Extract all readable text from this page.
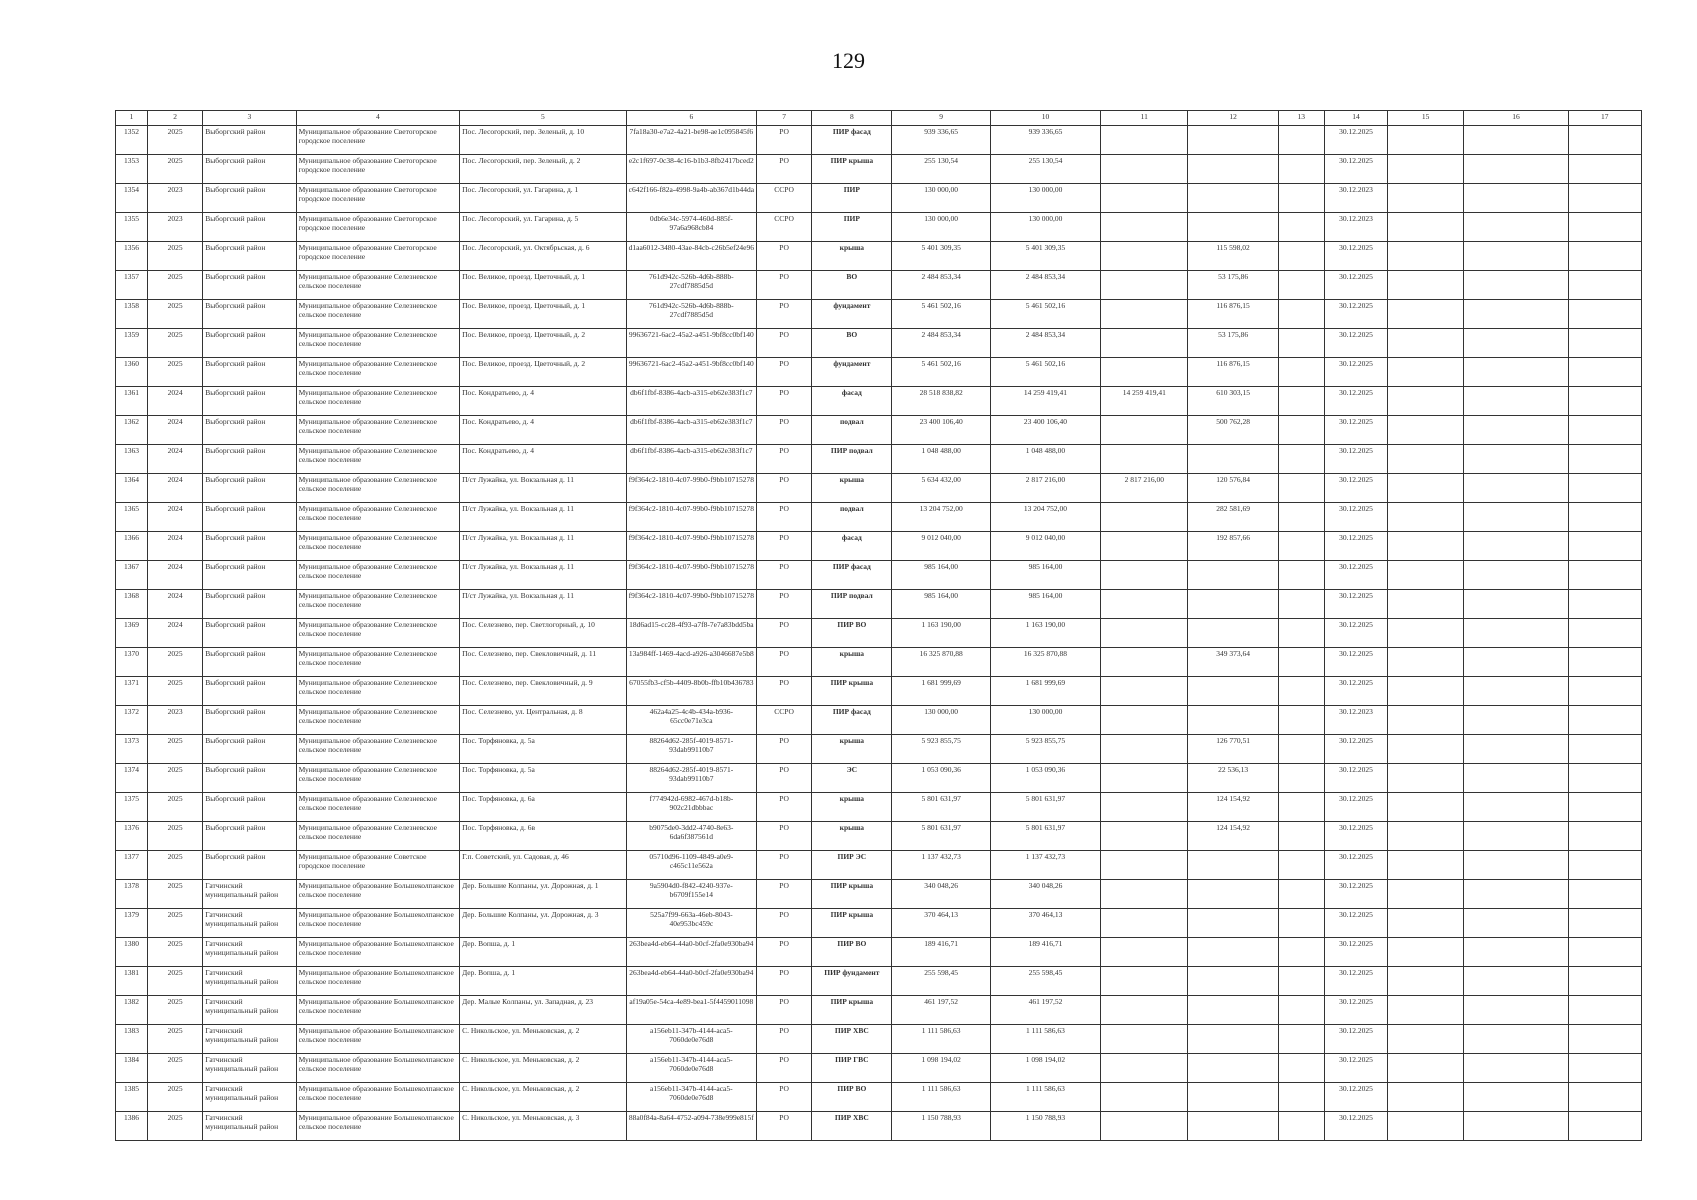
129
1	2	3	4	5	6	7	8	9	10	11	12	13	14	15	16	17
1352	2025	Выборгский район	Муниципальное образование Светогорское городское поселение	Пос. Лесогорский, пер. Зеленый, д. 10	7fa18a30-e7a2-4a21-be98-ae1c095845f6	РО	ПИР фасад	939 336,65	939 336,65				30.12.2025			
1353	2025	Выборгский район	Муниципальное образование Светогорское городское поселение	Пос. Лесогорский, пер. Зеленый, д. 2	e2c1f697-0c38-4c16-b1b3-8fb2417bced2	РО	ПИР крыша	255 130,54	255 130,54				30.12.2025			
1354	2023	Выборгский район	Муниципальное образование Светогорское городское поселение	Пос. Лесогорский, ул. Гагарина, д. 1	c642f166-f82a-4998-9a4b-ab367d1b44da	ССРО	ПИР	130 000,00	130 000,00				30.12.2023			
1355	2023	Выборгский район	Муниципальное образование Светогорское городское поселение	Пос. Лесогорский, ул. Гагарина, д. 5	0db6e34c-5974-460d-885f-97a6a968cb84	ССРО	ПИР	130 000,00	130 000,00				30.12.2023			
1356	2025	Выборгский район	Муниципальное образование Светогорское городское поселение	Пос. Лесогорский, ул. Октябрьская, д. 6	d1aa6012-3480-43ae-84cb-c26b5ef24e96	РО	крыша	5 401 309,35	5 401 309,35		115 598,02		30.12.2025			
1357	2025	Выборгский район	Муниципальное образование Селезневское сельское поселение	Пос. Великое, проезд. Цветочный, д. 1	761d942c-526b-4d6b-888b-27cdf7885d5d	РО	ВО	2 484 853,34	2 484 853,34		53 175,86		30.12.2025			
1358	2025	Выборгский район	Муниципальное образование Селезневское сельское поселение	Пос. Великое, проезд. Цветочный, д. 1	761d942c-526b-4d6b-888b-27cdf7885d5d	РО	фундамент	5 461 502,16	5 461 502,16		116 876,15		30.12.2025			
1359	2025	Выборгский район	Муниципальное образование Селезневское сельское поселение	Пос. Великое, проезд. Цветочный, д. 2	99636721-6ac2-45a2-a451-9bf8cc0bf140	РО	ВО	2 484 853,34	2 484 853,34		53 175,86		30.12.2025			
1360	2025	Выборгский район	Муниципальное образование Селезневское сельское поселение	Пос. Великое, проезд. Цветочный, д. 2	99636721-6ac2-45a2-a451-9bf8cc0bf140	РО	фундамент	5 461 502,16	5 461 502,16		116 876,15		30.12.2025			
1361	2024	Выборгский район	Муниципальное образование Селезневское сельское поселение	Пос. Кондратьево, д. 4	db6f1fbf-8386-4acb-a315-eb62e383f1c7	РО	фасад	28 518 838,82	14 259 419,41	14 259 419,41	610 303,15		30.12.2025			
1362	2024	Выборгский район	Муниципальное образование Селезневское сельское поселение	Пос. Кондратьево, д. 4	db6f1fbf-8386-4acb-a315-eb62e383f1c7	РО	подвал	23 400 106,40	23 400 106,40		500 762,28		30.12.2025			
1363	2024	Выборгский район	Муниципальное образование Селезневское сельское поселение	Пос. Кондратьево, д. 4	db6f1fbf-8386-4acb-a315-eb62e383f1c7	РО	ПИР подвал	1 048 488,00	1 048 488,00				30.12.2025			
1364	2024	Выборгский район	Муниципальное образование Селезневское сельское поселение	П/ст Лужайка, ул. Вокзальная д. 11	f9f364c2-1810-4c07-99b0-f9bb10715278	РО	крыша	5 634 432,00	2 817 216,00	2 817 216,00	120 576,84		30.12.2025			
1365	2024	Выборгский район	Муниципальное образование Селезневское сельское поселение	П/ст Лужайка, ул. Вокзальная д. 11	f9f364c2-1810-4c07-99b0-f9bb10715278	РО	подвал	13 204 752,00	13 204 752,00		282 581,69		30.12.2025			
1366	2024	Выборгский район	Муниципальное образование Селезневское сельское поселение	П/ст Лужайка, ул. Вокзальная д. 11	f9f364c2-1810-4c07-99b0-f9bb10715278	РО	фасад	9 012 040,00	9 012 040,00		192 857,66		30.12.2025			
1367	2024	Выборгский район	Муниципальное образование Селезневское сельское поселение	П/ст Лужайка, ул. Вокзальная д. 11	f9f364c2-1810-4c07-99b0-f9bb10715278	РО	ПИР фасад	985 164,00	985 164,00				30.12.2025			
1368	2024	Выборгский район	Муниципальное образование Селезневское сельское поселение	П/ст Лужайка, ул. Вокзальная д. 11	f9f364c2-1810-4c07-99b0-f9bb10715278	РО	ПИР подвал	985 164,00	985 164,00				30.12.2025			
1369	2024	Выборгский район	Муниципальное образование Селезневское сельское поселение	Пос. Селезнево, пер. Светлогорный, д. 10	18d6ad15-cc28-4f93-a7f8-7e7a83bdd5ba	РО	ПИР ВО	1 163 190,00	1 163 190,00				30.12.2025			
1370	2025	Выборгский район	Муниципальное образование Селезневское сельское поселение	Пос. Селезнево, пер. Свекловичный, д. 11	13a984ff-1469-4acd-a926-a3046687e5b8	РО	крыша	16 325 870,88	16 325 870,88		349 373,64		30.12.2025			
1371	2025	Выборгский район	Муниципальное образование Селезневское сельское поселение	Пос. Селезнево, пер. Свекловичный, д. 9	67055fb3-cf5b-4409-8b0b-ffb10b436783	РО	ПИР крыша	1 681 999,69	1 681 999,69				30.12.2025			
1372	2023	Выборгский район	Муниципальное образование Селезневское сельское поселение	Пос. Селезнево, ул. Центральная, д. 8	462a4a25-4c4b-434a-b936-65cc0e71e3ca	ССРО	ПИР фасад	130 000,00	130 000,00				30.12.2023			
1373	2025	Выборгский район	Муниципальное образование Селезневское сельское поселение	Пос. Торфяновка, д. 5а	88264d62-285f-4019-8571-93dab99110b7	РО	крыша	5 923 855,75	5 923 855,75		126 770,51		30.12.2025			
1374	2025	Выборгский район	Муниципальное образование Селезневское сельское поселение	Пос. Торфяновка, д. 5а	88264d62-285f-4019-8571-93dab99110b7	РО	ЭС	1 053 090,36	1 053 090,36		22 536,13		30.12.2025			
1375	2025	Выборгский район	Муниципальное образование Селезневское сельское поселение	Пос. Торфяновка, д. 6а	f774942d-6982-467d-b18b-902c21dbbbac	РО	крыша	5 801 631,97	5 801 631,97		124 154,92		30.12.2025			
1376	2025	Выборгский район	Муниципальное образование Селезневское сельское поселение	Пос. Торфяновка, д. 6в	b9075de0-3dd2-4740-8e63-6da6f387561d	РО	крыша	5 801 631,97	5 801 631,97		124 154,92		30.12.2025			
1377	2025	Выборгский район	Муниципальное образование Советское городское поселение	Г.п. Советский, ул. Садовая, д. 46	05710d96-1109-4849-a0e9-c465c11e562a	РО	ПИР ЭС	1 137 432,73	1 137 432,73				30.12.2025			
1378	2025	Гатчинский муниципальный район	Муниципальное образование Большеколпанское сельское поселение	Дер. Большие Колпаны, ул. Дорожная, д. 1	9a5904d0-f842-4240-937e-b6709f155e14	РО	ПИР крыша	340 048,26	340 048,26				30.12.2025			
1379	2025	Гатчинский муниципальный район	Муниципальное образование Большеколпанское сельское поселение	Дер. Большие Колпаны, ул. Дорожная, д. 3	525a7f99-663a-46eb-8043-40e953bc459c	РО	ПИР крыша	370 464,13	370 464,13				30.12.2025			
1380	2025	Гатчинский муниципальный район	Муниципальное образование Большеколпанское сельское поселение	Дер. Вопша, д. 1	263bea4d-eb64-44a0-b0cf-2fa0e930ba94	РО	ПИР ВО	189 416,71	189 416,71				30.12.2025			
1381	2025	Гатчинский муниципальный район	Муниципальное образование Большеколпанское сельское поселение	Дер. Вопша, д. 1	263bea4d-eb64-44a0-b0cf-2fa0e930ba94	РО	ПИР фундамент	255 598,45	255 598,45				30.12.2025			
1382	2025	Гатчинский муниципальный район	Муниципальное образование Большеколпанское сельское поселение	Дер. Малые Колпаны, ул. Западная, д. 23	af19a05e-54ca-4e89-bea1-5f4459011098	РО	ПИР крыша	461 197,52	461 197,52				30.12.2025			
1383	2025	Гатчинский муниципальный район	Муниципальное образование Большеколпанское сельское поселение	С. Никольское, ул. Меньковская, д. 2	a156eb11-347b-4144-aca5-7060de0e76d8	РО	ПИР ХВС	1 111 586,63	1 111 586,63				30.12.2025			
1384	2025	Гатчинский муниципальный район	Муниципальное образование Большеколпанское сельское поселение	С. Никольское, ул. Меньковская, д. 2	a156eb11-347b-4144-aca5-7060de0e76d8	РО	ПИР ГВС	1 098 194,02	1 098 194,02				30.12.2025			
1385	2025	Гатчинский муниципальный район	Муниципальное образование Большеколпанское сельское поселение	С. Никольское, ул. Меньковская, д. 2	a156eb11-347b-4144-aca5-7060de0e76d8	РО	ПИР ВО	1 111 586,63	1 111 586,63				30.12.2025			
1386	2025	Гатчинский муниципальный район	Муниципальное образование Большеколпанское сельское поселение	С. Никольское, ул. Меньковская, д. 3	88a0f84a-8a64-4752-a094-738e999e815f	РО	ПИР ХВС	1 150 788,93	1 150 788,93				30.12.2025			
